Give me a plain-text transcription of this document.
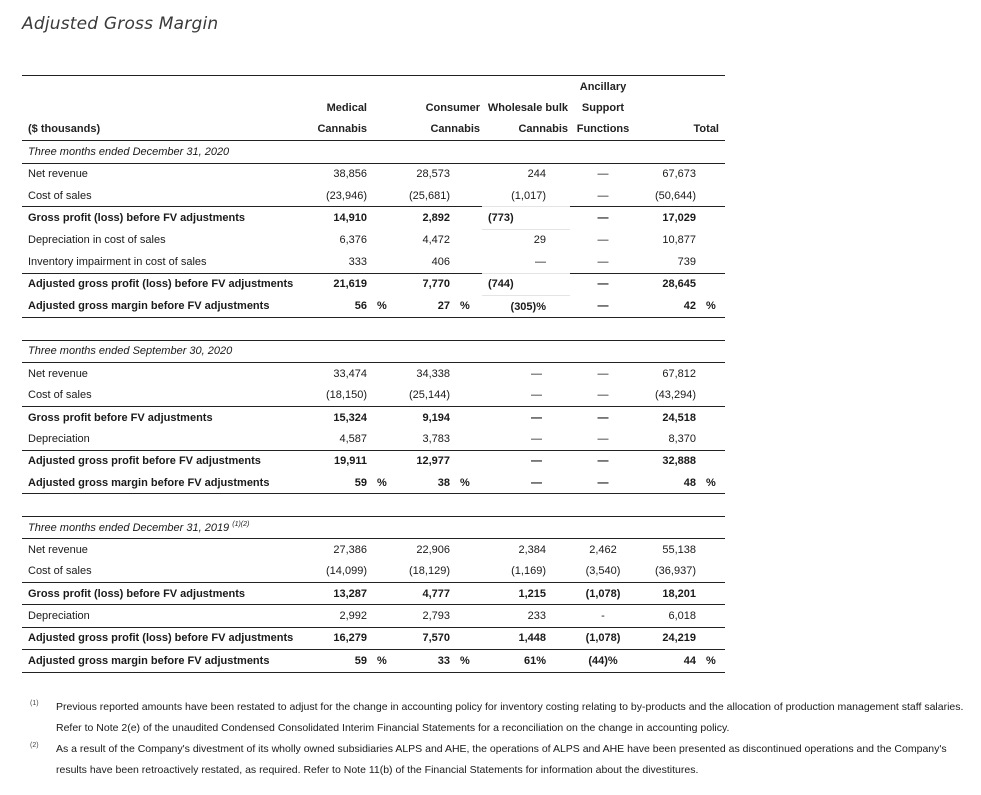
Adjusted Gross Margin

						Ancillary		
	Medical		Consumer		Wholesale bulk	Support		
($ thousands)	Cannabis		Cannabis		Cannabis	Functions	Total	
Three months ended December 31, 2020								
Net revenue	38,856		28,573		244	—	67,673	
Cost of sales	(23,946)		(25,681)		(1,017)	—	(50,644)	
Gross profit (loss) before FV adjustments	14,910		2,892		(773)	—	17,029	
Depreciation in cost of sales	6,376		4,472		29	—	10,877	
Inventory impairment in cost of sales	333		406		—	—	739	
Adjusted gross profit (loss) before FV adjustments	21,619		7,770		(744)	—	28,645	
Adjusted gross margin before FV adjustments	56	%	27	%	(305)%	—	42	%

Three months ended September 30, 2020								
Net revenue	33,474		34,338		—	—	67,812	
Cost of sales	(18,150)		(25,144)		—	—	(43,294)	
Gross profit before FV adjustments	15,324		9,194		—	—	24,518	
Depreciation	4,587		3,783		—	—	8,370	
Adjusted gross profit before FV adjustments	19,911		12,977		—	—	32,888	
Adjusted gross margin before FV adjustments	59	%	38	%	—	—	48	%

Three months ended December 31, 2019 $^{(1)(2)}$
Net revenue	27,386		22,906		2,384	2,462	55,138	
Cost of sales	(14,099)		(18,129)		(1,169)	(3,540)	(36,937)	
Gross profit (loss) before FV adjustments	13,287		4,777		1,215	(1,078)	18,201	
Depreciation	2,992		2,793		233	-	6,018	
Adjusted gross profit (loss) before FV adjustments	16,279		7,570		1,448	(1,078)	24,219	
Adjusted gross margin before FV adjustments	59	%	33	%	61%	(44)%	44	%
(1)	Previous reported amounts have been restated to adjust for the change in accounting policy for inventory costing relating to by-products and the allocation of production management staff salaries. Refer to Note 2(e) of the unaudited Condensed Consolidated Interim Financial Statements for a reconciliation on the change in accounting policy.
(2)	As a result of the Company's divestment of its wholly owned subsidiaries ALPS and AHE, the operations of ALPS and AHE have been presented as discontinued operations and the Company's results have been retroactively restated, as required. Refer to Note 11(b) of the Financial Statements for information about the divestitures.
